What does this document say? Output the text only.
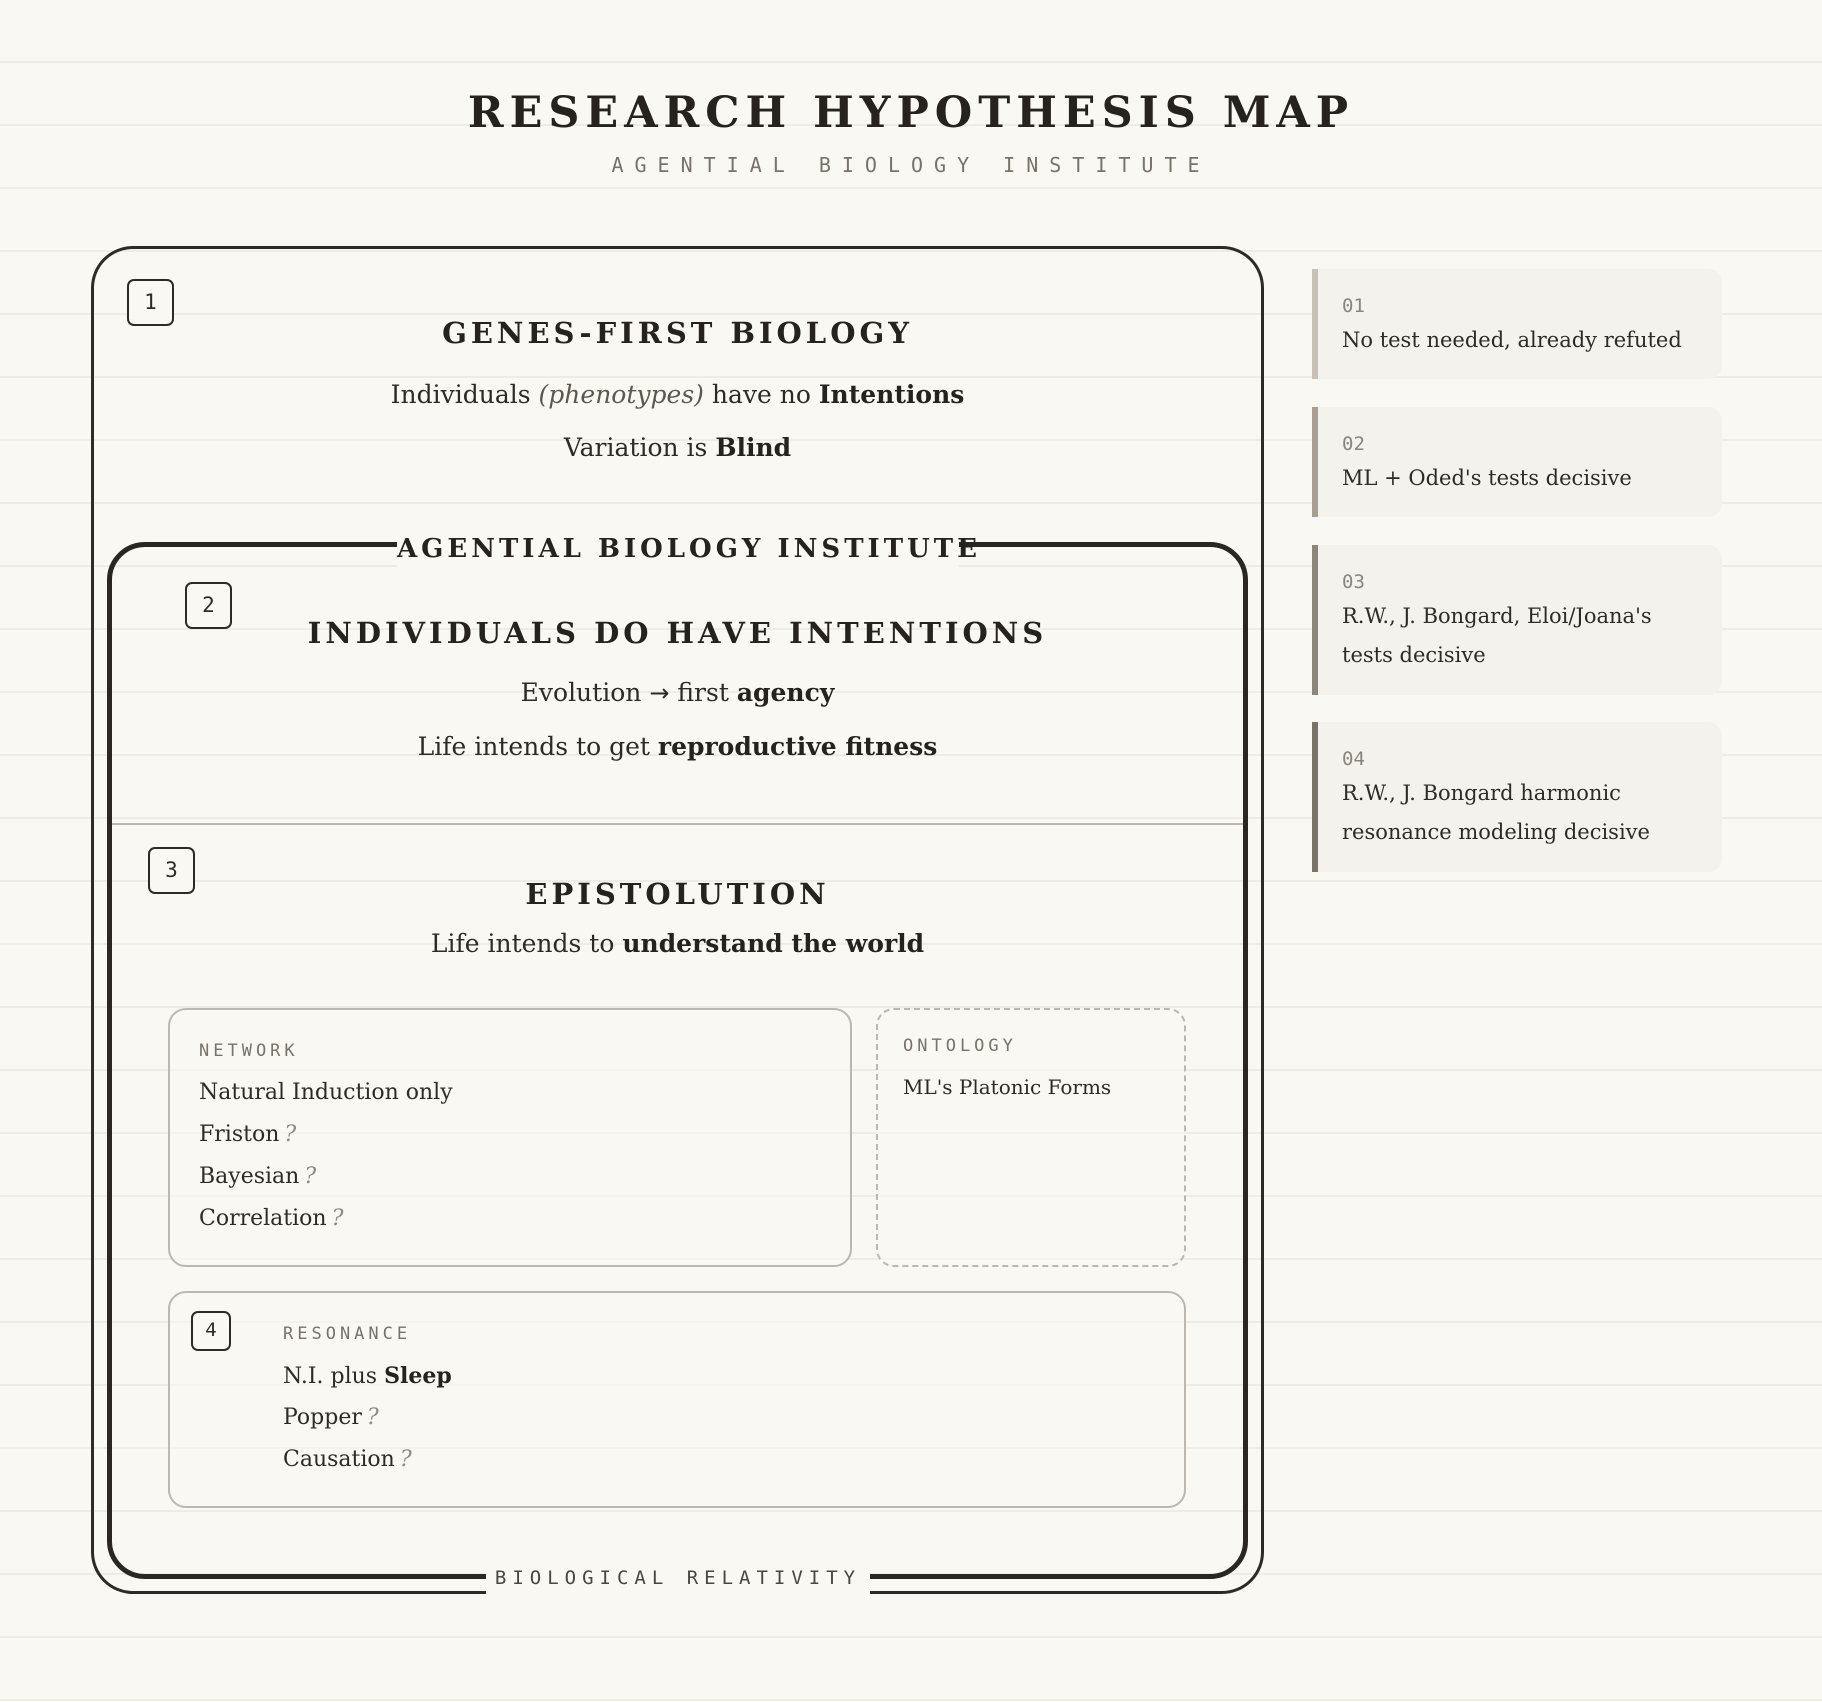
RESEARCH HYPOTHESIS MAP
AGENTIAL BIOLOGY INSTITUTE
1
GENES-FIRST BIOLOGY
Individuals (phenotypes) have no Intentions
Variation is Blind
AGENTIAL BIOLOGY INSTITUTE
BIOLOGICAL RELATIVITY
2
INDIVIDUALS DO HAVE INTENTIONS
Evolution → first agency
Life intends to get reproductive fitness
3
EPISTOLUTION
Life intends to understand the world
NETWORK
Natural Induction only
Friston ?
Bayesian ?
Correlation ?
ONTOLOGY
ML's Platonic Forms
4	RESONANCE
N.I. plus Sleep
Popper ?
Causation ?
01
No test needed, already refuted
02
ML + Oded's tests decisive
03
R.W., J. Bongard, Eloi/Joana's tests decisive
04
R.W., J. Bongard harmonic resonance modeling decisive
